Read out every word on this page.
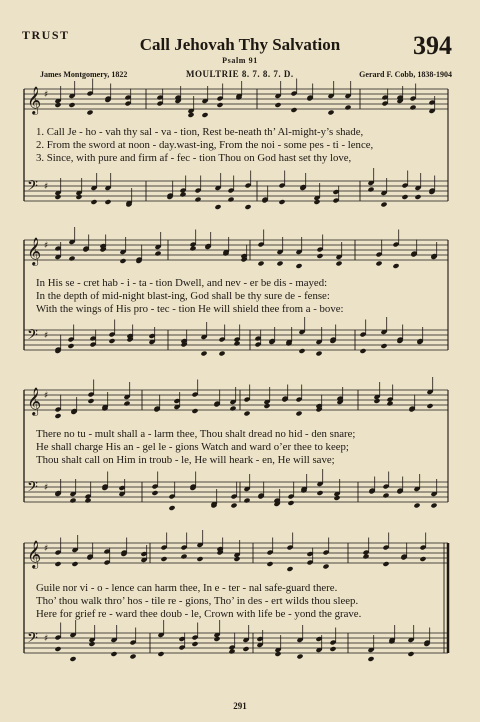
TRUST	Call Jehovah Thy Salvation	394
Psalm 91
James Montgomery, 1822	MOULTRIE 8. 7. 8. 7. D.	Gerard F. Cobb, 1838-1904
𝄞 ♯
𝄢 ♯
𝄞 ♯
𝄢 ♯
𝄞 ♯
𝄢 ♯
𝄞 ♯
𝄢 ♯
1. Call Je - ho - vah thy sal - va - tion, Rest be-neath th’ Al-might-y’s shade,
2. From the sword at noon - day.wast-ing, From the noi - some pes - ti - lence,
3. Since, with pure and firm af - fec - tion Thou on God hast set thy love,
In His se - cret hab - i - ta - tion Dwell, and nev - er be dis - mayed:
In the depth of mid-night blast-ing, God shall be thy sure de - fense:
With the wings of His pro - tec - tion He will shield thee from a - bove:
There no tu - mult shall a - larm thee, Thou shalt dread no hid - den snare;
He shall charge His an - gel le - gions Watch and ward o’er thee to keep;
Thou shalt call on Him in troub - le, He will heark - en, He will save;
Guile nor vi - o - lence can harm thee, In e - ter - nal safe-guard there.
Tho’ thou walk thro’ hos - tile re - gions, Tho’ in des - ert wilds thou sleep.
Here for grief re - ward thee doub - le, Crown with life be - yond the grave.
291
